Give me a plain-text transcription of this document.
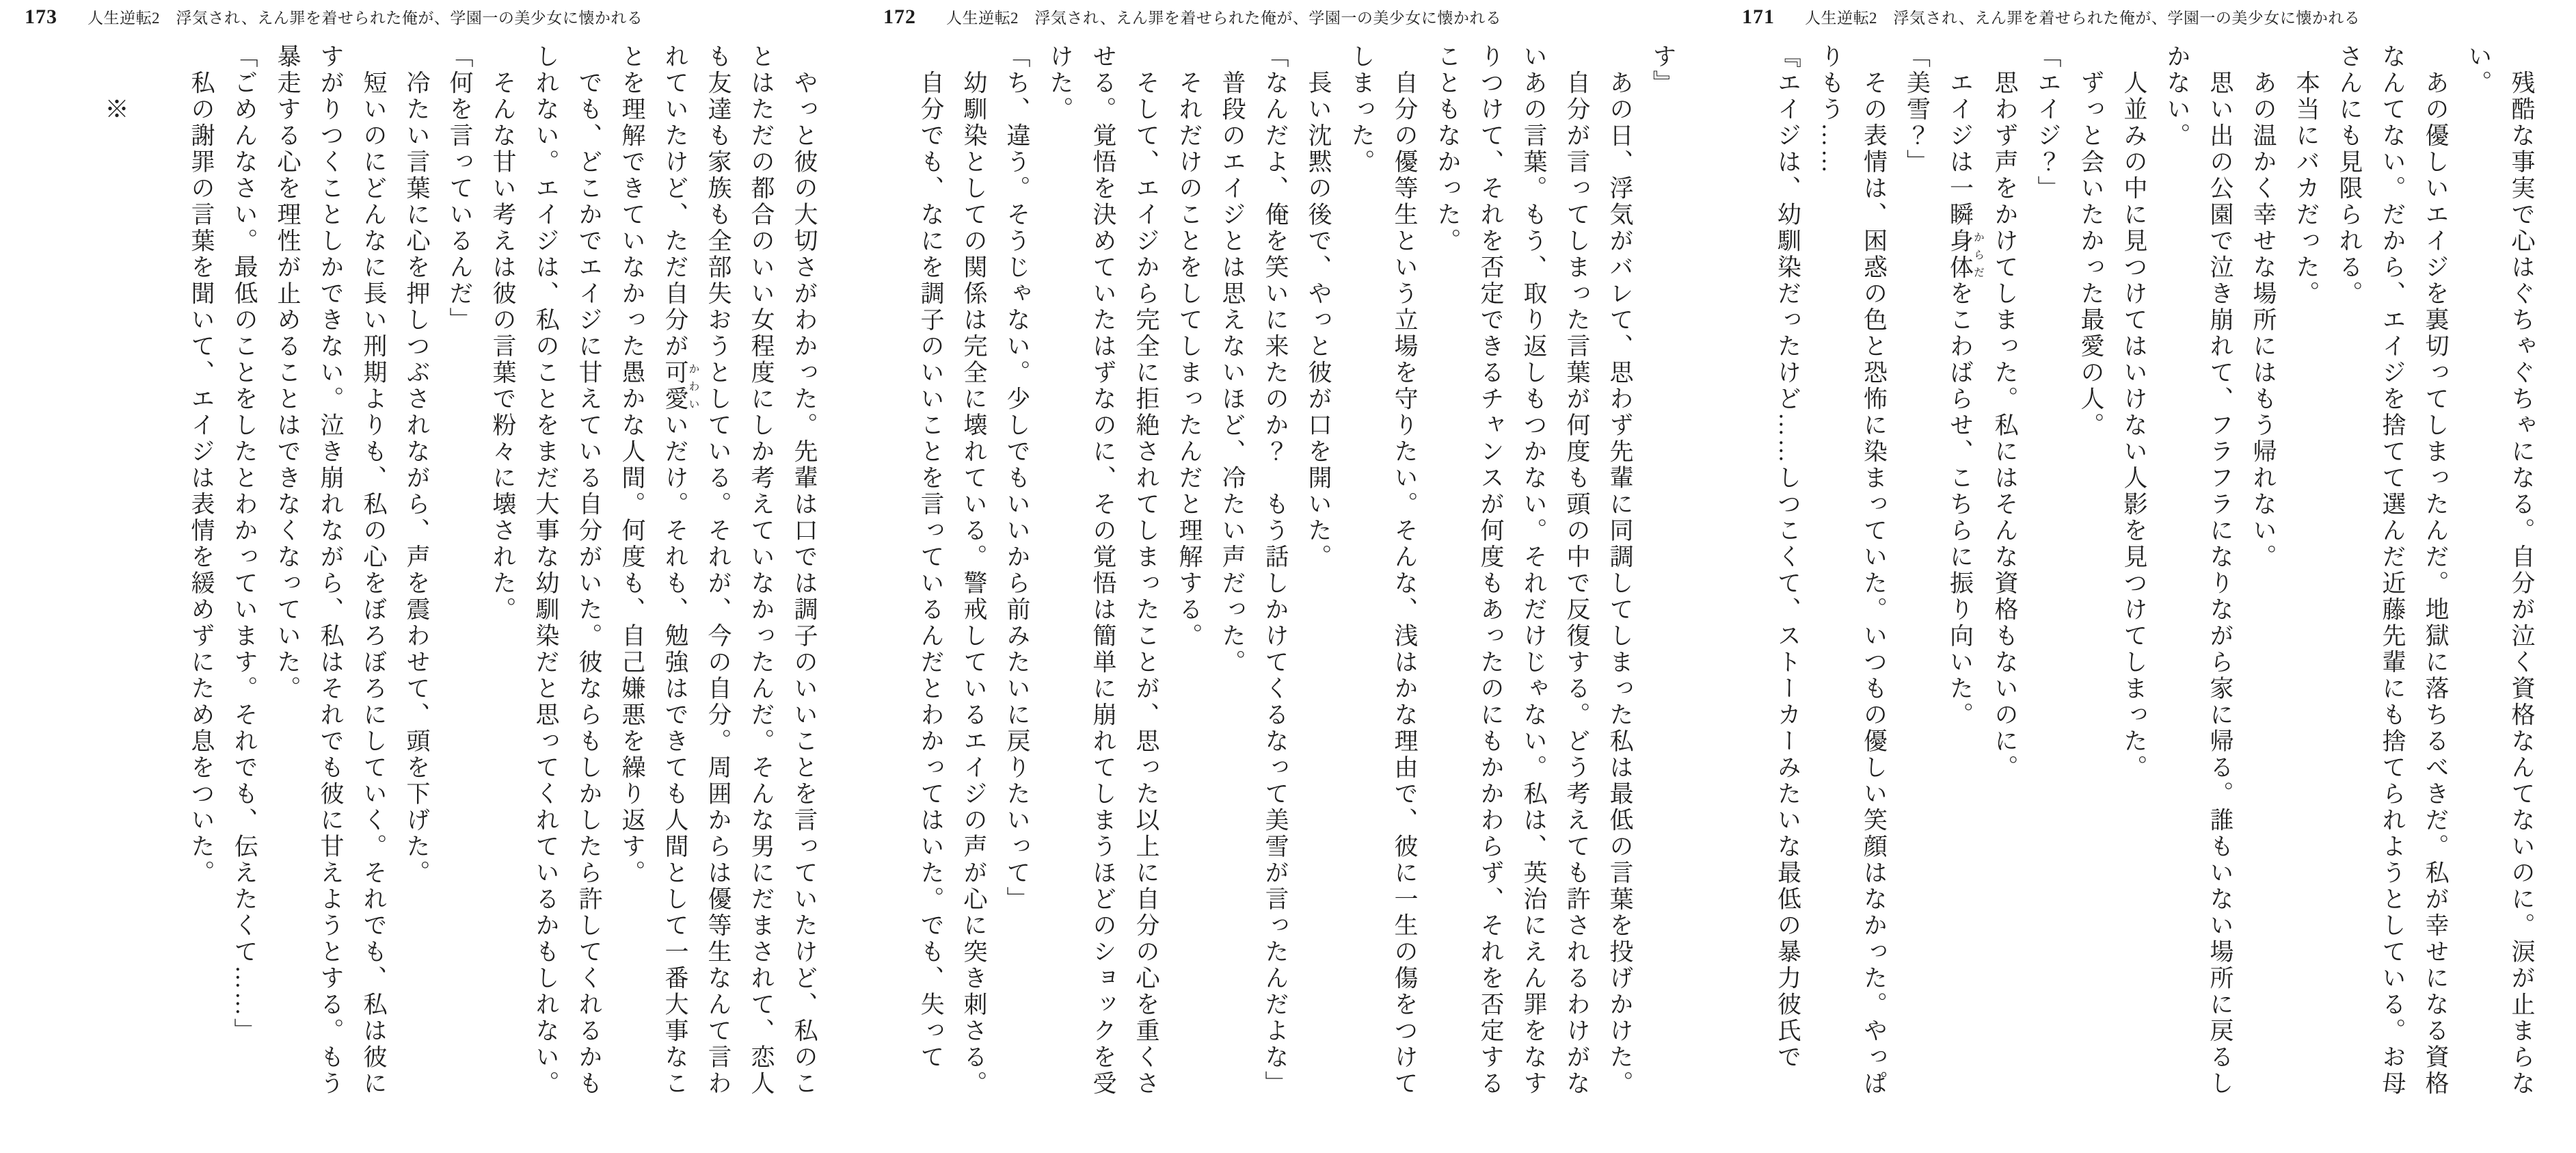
173 人生逆転2　浮気され、えん罪を着せられた俺が、学園一の美少女に懐かれる

　やっと彼の大切さがわかった。先輩は口では調子のいいことを言っていたけど、私のことはただの都合のいい女程度にしか考えていなかったんだ。そんな男にだまされて、恋人も友達も家族も全部失おうとしている。それが、今の自分。周囲からは優等生なんて言われていたけど、ただ自分が可愛かわいいだけ。それも、勉強はできても人間として一番大事なことを理解できていなかった愚かな人間。何度も、自己嫌悪を繰り返す。

　でも、どこかでエイジに甘えている自分がいた。彼ならもしかしたら許してくれるかもしれない。エイジは、私のことをまだ大事な幼馴染だと思ってくれているかもしれない。

　そんな甘い考えは彼の言葉で粉々に壊された。

「何を言っているんだ」

　冷たい言葉に心を押しつぶされながら、声を震わせて、頭を下げた。

　短いのにどんなに長い刑期よりも、私の心をぼろぼろにしていく。それでも、私は彼にすがりつくことしかできない。泣き崩れながら、私はそれでも彼に甘えようとする。もう暴走する心を理性が止めることはできなくなっていた。

「ごめんなさい。最低のことをしたとわかっています。それでも、伝えたくて……」

　私の謝罪の言葉を聞いて、エイジは表情を緩めずにため息をついた。

　　※

172 人生逆転2　浮気され、えん罪を着せられた俺が、学園一の美少女に懐かれる

す』

　あの日、浮気がバレて、思わず先輩に同調してしまった私は最低の言葉を投げかけた。

　自分が言ってしまった言葉が何度も頭の中で反復する。どう考えても許されるわけがないあの言葉。もう、取り返しもつかない。それだけじゃない。私は、英治にえん罪をなすりつけて、それを否定できるチャンスが何度もあったのにもかかわらず、それを否定することもなかった。

　自分の優等生という立場を守りたい。そんな、浅はかな理由で、彼に一生の傷をつけてしまった。

　長い沈黙の後で、やっと彼が口を開いた。

「なんだよ、俺を笑いに来たのか？　もう話しかけてくるなって美雪が言ったんだよな」

　普段のエイジとは思えないほど、冷たい声だった。

　それだけのことをしてしまったんだと理解する。

　そして、エイジから完全に拒絶されてしまったことが、思った以上に自分の心を重くさせる。覚悟を決めていたはずなのに、その覚悟は簡単に崩れてしまうほどのショックを受けた。

「ち、違う。そうじゃない。少しでもいいから前みたいに戻りたいって」

　幼馴染としての関係は完全に壊れている。警戒しているエイジの声が心に突き刺さる。

　自分でも、なにを調子のいいことを言っているんだとわかってはいた。でも、失って

171 人生逆転2　浮気され、えん罪を着せられた俺が、学園一の美少女に懐かれる

　残酷な事実で心はぐちゃぐちゃになる。自分が泣く資格なんてないのに。涙が止まらない。

　あの優しいエイジを裏切ってしまったんだ。地獄に落ちるべきだ。私が幸せになる資格なんてない。だから、エイジを捨てて選んだ近藤先輩にも捨てられようとしている。お母さんにも見限られる。

　本当にバカだった。

　あの温かく幸せな場所にはもう帰れない。

　思い出の公園で泣き崩れて、フラフラになりながら家に帰る。誰もいない場所に戻るしかない。

　人並みの中に見つけてはいけない人影を見つけてしまった。

　ずっと会いたかった最愛の人。

「エイジ？」

　思わず声をかけてしまった。私にはそんな資格もないのに。

　エイジは一瞬身体からだをこわばらせ、こちらに振り向いた。

「美雪？」

　その表情は、困惑の色と恐怖に染まっていた。いつもの優しい笑顔はなかった。やっぱりもう……

『エイジは、幼馴染だったけど……しつこくて、ストーカーみたいな最低の暴力彼氏で
